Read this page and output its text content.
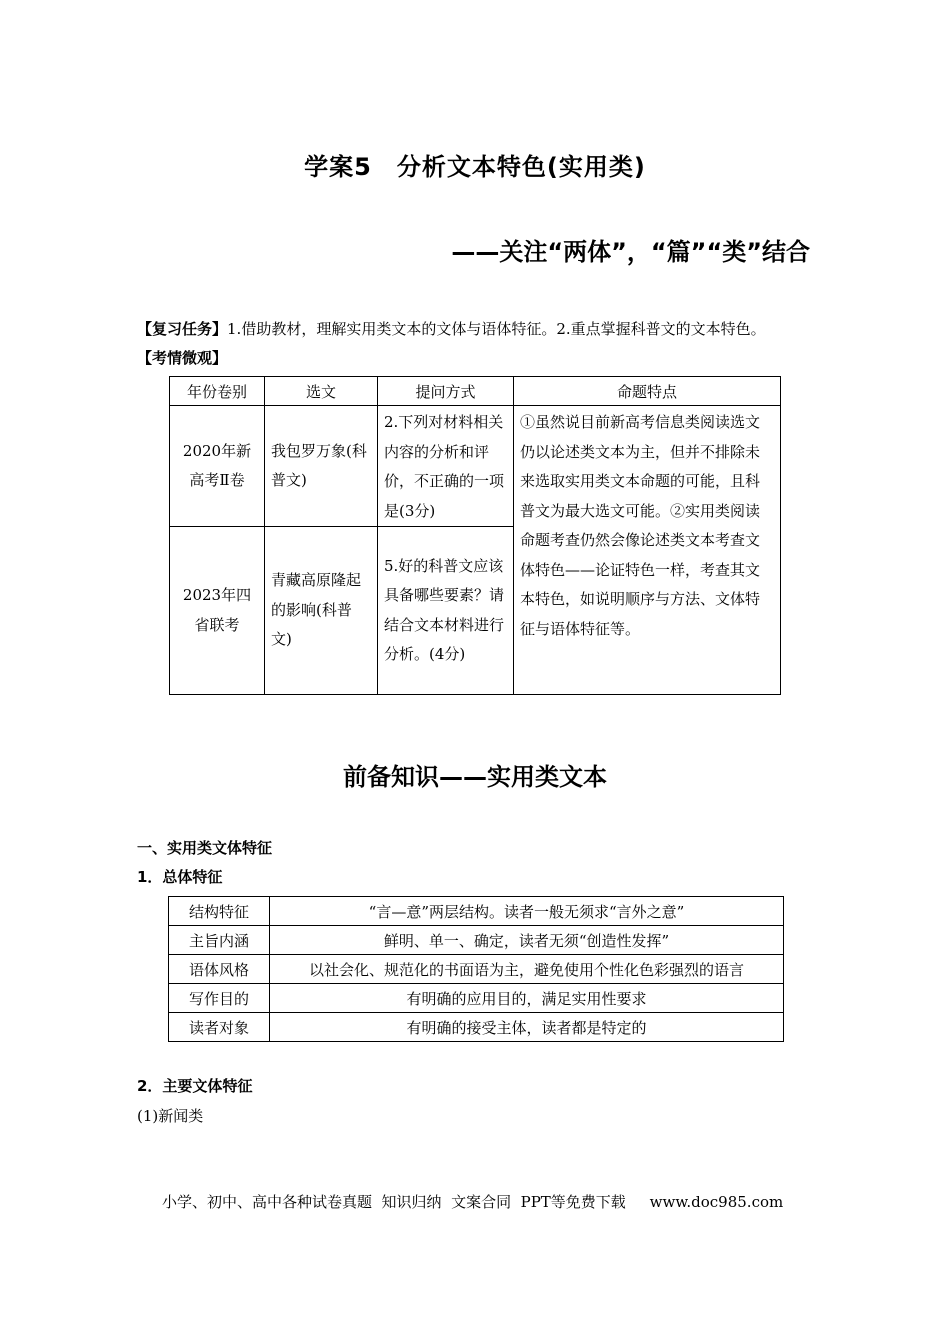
学案5　分析文本特色(实用类)
——关注“两体”，“篇”“类”结合
【复习任务】1.借助教材，理解实用类文本的文体与语体特征。2.重点掌握科普文的文本特色。
【考情微观】
年份卷别	选文	提问方式	命题特点
2020年新高考Ⅱ卷	我包罗万象(科普文)	2.下列对材料相关内容的分析和评价，不正确的一项是(3分)	①虽然说目前新高考信息类阅读选文仍以论述类文本为主，但并不排除未来选取实用类文本命题的可能，且科普文为最大选文可能。②实用类阅读命题考查仍然会像论述类文本考查文体特色——论证特色一样，考查其文本特色，如说明顺序与方法、文体特征与语体特征等。
2023年四省联考	青藏高原隆起的影响(科普文)	5.好的科普文应该具备哪些要素？请结合文本材料进行分析。(4分)	
前备知识——实用类文本
一、实用类文体特征
1．总体特征
结构特征	“言—意”两层结构。读者一般无须求“言外之意”
主旨内涵	鲜明、单一、确定，读者无须“创造性发挥”
语体风格	以社会化、规范化的书面语为主，避免使用个性化色彩强烈的语言
写作目的	有明确的应用目的，满足实用性要求
读者对象	有明确的接受主体，读者都是特定的
2．主要文体特征
(1)新闻类
小学、初中、高中各种试卷真题  知识归纳  文案合同  PPT等免费下载     www.doc985.com
